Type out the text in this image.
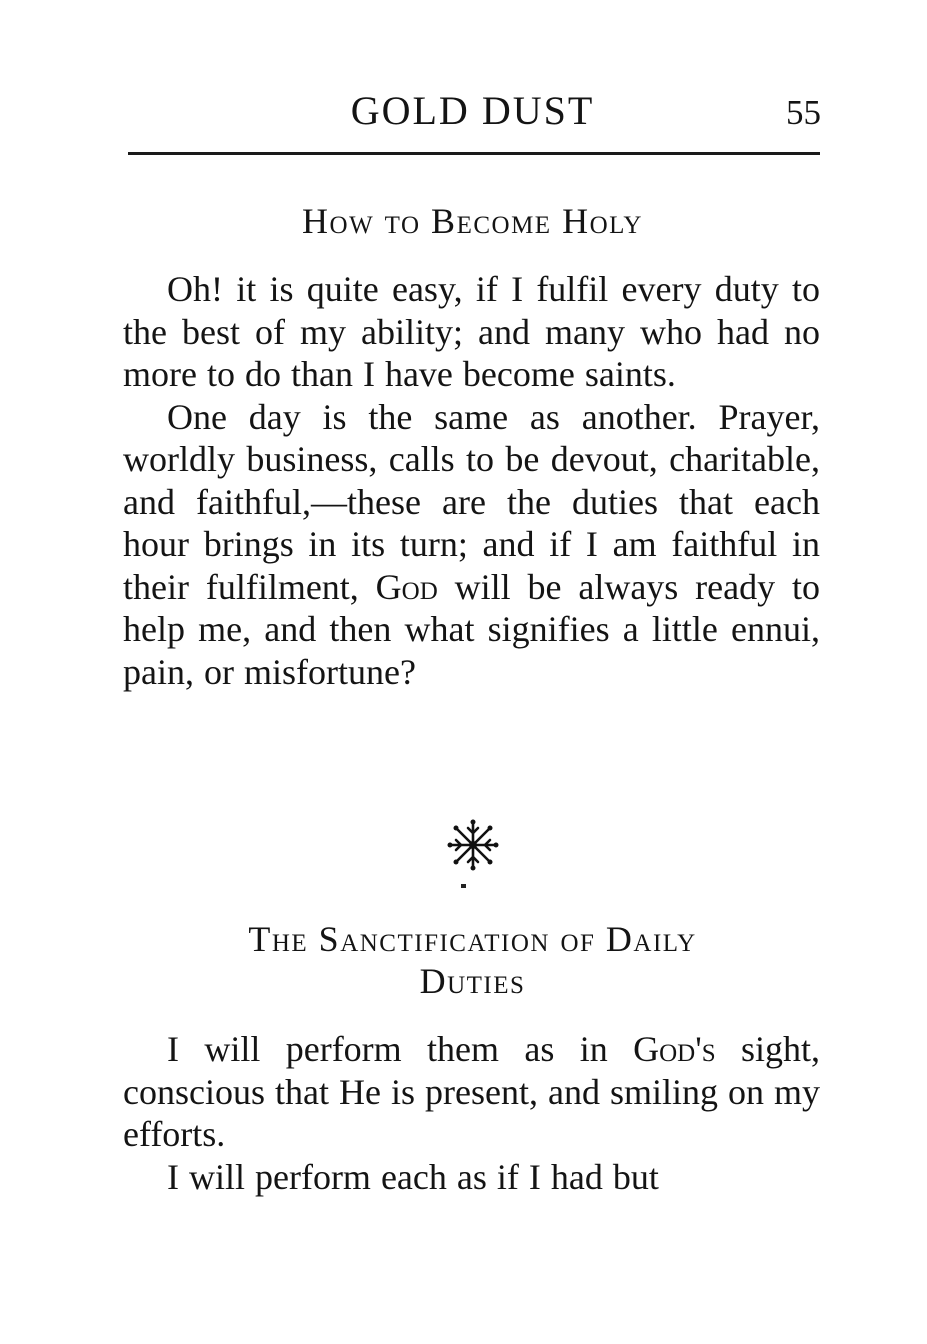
GOLD DUST	55
How to Become Holy

Oh! it is quite easy, if I fulfil every duty to the best of my ability; and many who had no more to do than I have become saints.

One day is the same as another. Prayer, worldly business, calls to be devout, charitable, and faithful,—these are the duties that each hour brings in its turn; and if I am faithful in their fulfilment, God will be always ready to help me, and then what signifies a little ennui, pain, or misfortune?

The Sanctification of Daily
Duties

I will perform them as in God's sight, conscious that He is present, and smiling on my efforts.

I will perform each as if I had but
